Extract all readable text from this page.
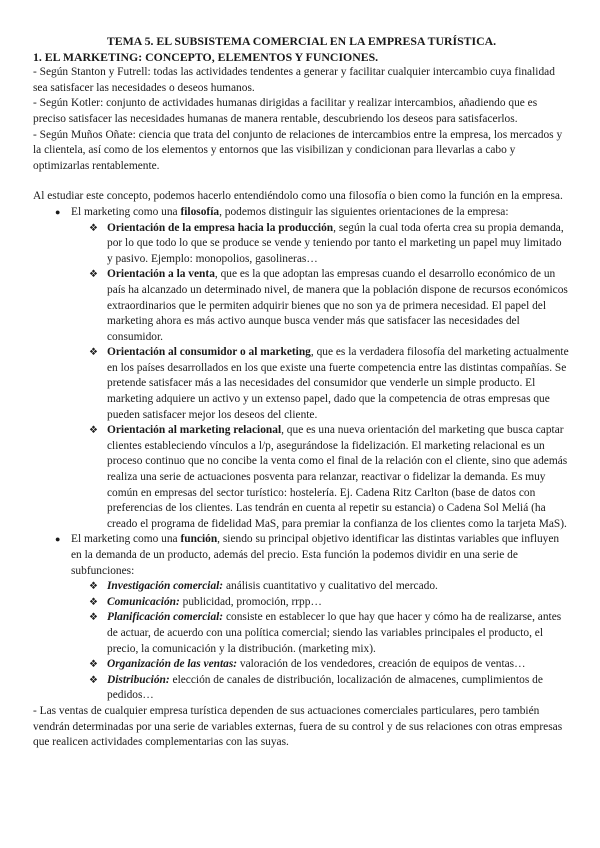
TEMA 5. EL SUBSISTEMA COMERCIAL EN LA EMPRESA TURÍSTICA.

1. EL MARKETING: CONCEPTO, ELEMENTOS Y FUNCIONES.

- Según Stanton y Futrell: todas las actividades tendentes a generar y facilitar cualquier intercambio cuya finalidad sea satisfacer las necesidades o deseos humanos.

- Según Kotler: conjunto de actividades humanas dirigidas a facilitar y realizar intercambios, añadiendo que es preciso satisfacer las necesidades humanas de manera rentable, descubriendo los deseos para satisfacerlos.

- Según Muños Oñate: ciencia que trata del conjunto de relaciones de intercambios entre la empresa, los mercados y la clientela, así como de los elementos y entornos que las visibilizan y condicionan para llevarlas a cabo y optimizarlas rentablemente.

Al estudiar este concepto, podemos hacerlo entendiéndolo como una filosofía o bien como la función en la empresa.

● El marketing como una filosofía, podemos distinguir las siguientes orientaciones de la empresa:
❖ Orientación de la empresa hacia la producción, según la cual toda oferta crea su propia demanda, por lo que todo lo que se produce se vende y teniendo por tanto el marketing un papel muy limitado y pasivo. Ejemplo: monopolios, gasolineras…
❖ Orientación a la venta, que es la que adoptan las empresas cuando el desarrollo económico de un país ha alcanzado un determinado nivel, de manera que la población dispone de recursos económicos extraordinarios que le permiten adquirir bienes que no son ya de primera necesidad. El papel del marketing ahora es más activo aunque busca vender más que satisfacer las necesidades del consumidor.
❖ Orientación al consumidor o al marketing, que es la verdadera filosofía del marketing actualmente en los países desarrollados en los que existe una fuerte competencia entre las distintas compañías. Se pretende satisfacer más a las necesidades del consumidor que venderle un simple producto. El marketing adquiere un activo y un extenso papel, dado que la competencia de otras empresas que pueden satisfacer mejor los deseos del cliente.
❖ Orientación al marketing relacional, que es una nueva orientación del marketing que busca captar clientes estableciendo vínculos a l/p, asegurándose la fidelización. El marketing relacional es un proceso continuo que no concibe la venta como el final de la relación con el cliente, sino que además realiza una serie de actuaciones posventa para relanzar, reactivar o fidelizar la demanda. Es muy común en empresas del sector turístico: hostelería. Ej. Cadena Ritz Carlton (base de datos con preferencias de los clientes. Las tendrán en cuenta al repetir su estancia) o Cadena Sol Meliá (ha creado el programa de fidelidad MaS, para premiar la confianza de los clientes como la tarjeta MaS).
● El marketing como una función, siendo su principal objetivo identificar las distintas variables que influyen en la demanda de un producto, además del precio. Esta función la podemos dividir en una serie de subfunciones:
❖ Investigación comercial: análisis cuantitativo y cualitativo del mercado.
❖ Comunicación: publicidad, promoción, rrpp…
❖ Planificación comercial: consiste en establecer lo que hay que hacer y cómo ha de realizarse, antes de actuar, de acuerdo con una política comercial; siendo las variables principales el producto, el precio, la comunicación y la distribución. (marketing mix).
❖ Organización de las ventas: valoración de los vendedores, creación de equipos de ventas…
❖ Distribución: elección de canales de distribución, localización de almacenes, cumplimientos de pedidos…

- Las ventas de cualquier empresa turística dependen de sus actuaciones comerciales particulares, pero también vendrán determinadas por una serie de variables externas, fuera de su control y de sus relaciones con otras empresas que realicen actividades complementarias con las suyas.
